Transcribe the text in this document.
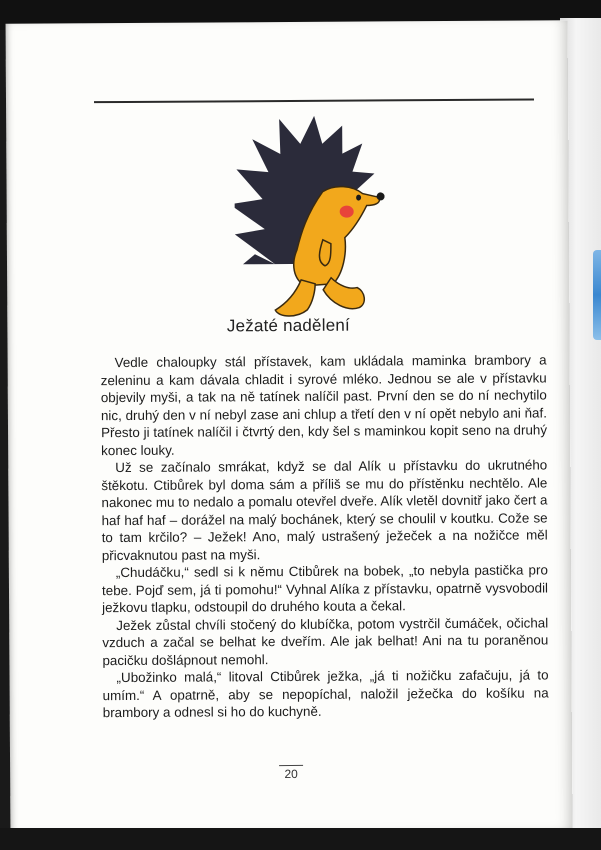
Ježaté nadělení

Vedle chaloupky stál přístavek, kam ukládala maminka brambory a zeleninu a kam dávala chladit i syrové mléko. Jednou se ale v přístavku objevily myši, a tak na ně tatínek nalíčil past. První den se do ní nechytilo nic, druhý den v ní nebyl zase ani chlup a třetí den v ní opět nebylo ani ňaf. Přesto ji tatínek nalíčil i čtvrtý den, kdy šel s maminkou kopit seno na druhý konec louky.

Už se začínalo smrákat, když se dal Alík u přístavku do ukrutného štěkotu. Ctibůrek byl doma sám a příliš se mu do přístěnku nechtělo. Ale nakonec mu to nedalo a pomalu otevřel dveře. Alík vletěl dovnitř jako čert a haf haf haf – dorážel na malý bochánek, který se choulil v koutku. Cože se to tam krčilo? – Ježek! Ano, malý ustrašený ježeček a na nožičce měl přicvaknutou past na myši.

„Chudáčku,“ sedl si k němu Ctibůrek na bobek, „to nebyla pastička pro tebe. Pojď sem, já ti pomohu!“ Vyhnal Alíka z přístavku, opatrně vysvobodil ježkovu tlapku, odstoupil do druhého kouta a čekal.

Ježek zůstal chvíli stočený do klubíčka, potom vystrčil čumáček, očichal vzduch a začal se belhat ke dveřím. Ale jak belhat! Ani na tu poraněnou pacičku došlápnout nemohl.

„Ubožinko malá,“ litoval Ctibůrek ježka, „já ti nožičku zafačuju, já to umím.“ A opatrně, aby se nepopíchal, naložil ježečka do košíku na brambory a odnesl si ho do kuchyně.

20
